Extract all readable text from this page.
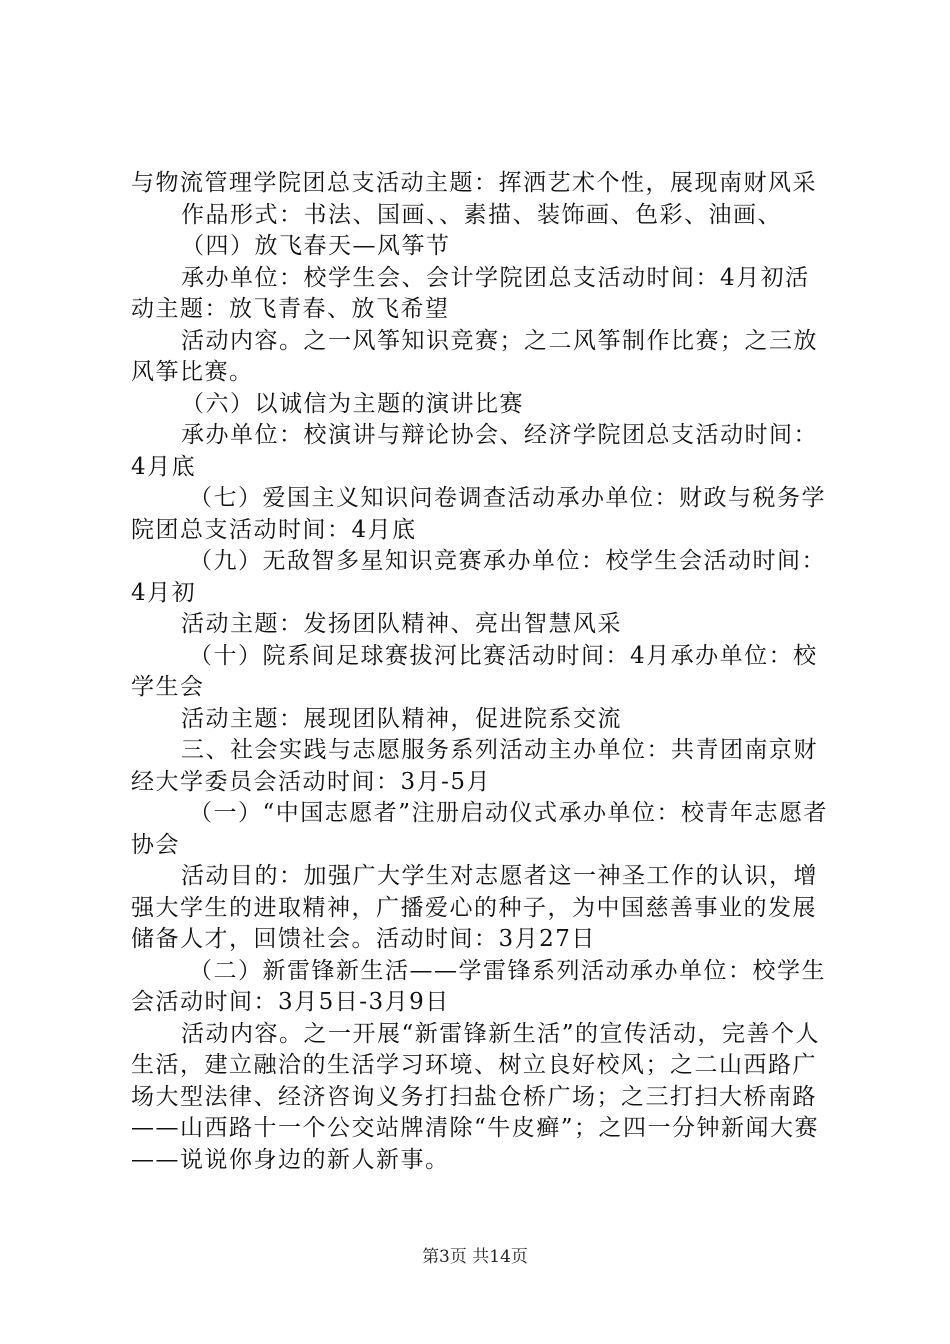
与物流管理学院团总支活动主题：挥洒艺术个性，展现南财风采

作品形式：书法、国画、、素描、装饰画、色彩、油画、

（四）放飞春天—风筝节

承办单位：校学生会、会计学院团总支活动时间：4月初活动主题：放飞青春、放飞希望

活动内容。之一风筝知识竞赛；之二风筝制作比赛；之三放风筝比赛。

（六）以诚信为主题的演讲比赛

承办单位：校演讲与辩论协会、经济学院团总支活动时间：4月底

（七）爱国主义知识问卷调查活动承办单位：财政与税务学院团总支活动时间：4月底

（九）无敌智多星知识竞赛承办单位：校学生会活动时间：4月初

活动主题：发扬团队精神、亮出智慧风采

（十）院系间足球赛拔河比赛活动时间：4月承办单位：校学生会

活动主题：展现团队精神，促进院系交流

三、社会实践与志愿服务系列活动主办单位：共青团南京财经大学委员会活动时间：3月-5月

（一）“中国志愿者”注册启动仪式承办单位：校青年志愿者协会

活动目的：加强广大学生对志愿者这一神圣工作的认识，增强大学生的进取精神，广播爱心的种子，为中国慈善事业的发展储备人才，回馈社会。活动时间：3月27日

（二）新雷锋新生活——学雷锋系列活动承办单位：校学生会活动时间：3月5日-3月9日

活动内容。之一开展“新雷锋新生活”的宣传活动，完善个人生活，建立融洽的生活学习环境、树立良好校风；之二山西路广场大型法律、经济咨询义务打扫盐仓桥广场；之三打扫大桥南路——山西路十一个公交站牌清除“牛皮癣”；之四一分钟新闻大赛——说说你身边的新人新事。

第3页 共14页
